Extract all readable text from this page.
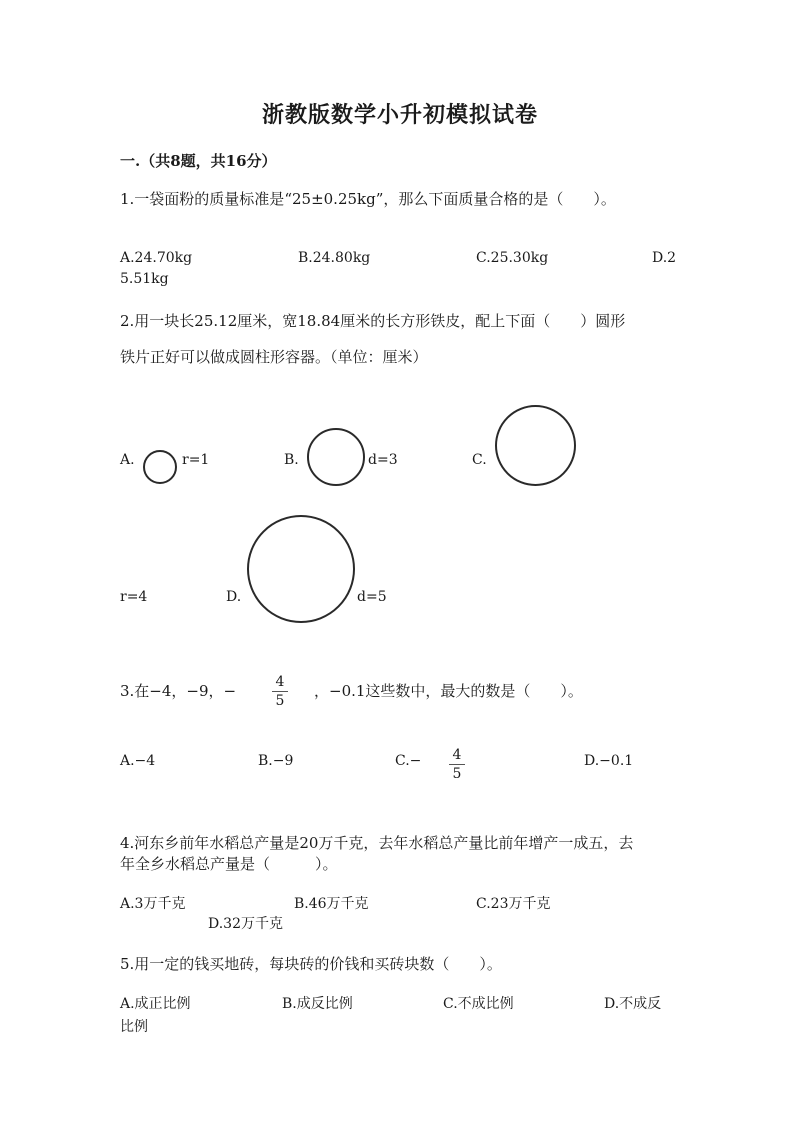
浙教版数学小升初模拟试卷
一.（共8题，共16分）
1.一袋面粉的质量标准是“25±0.25kg”，那么下面质量合格的是（　　）。
A.24.70kg	B.24.80kg	C.25.30kg	D.2
5.51kg
2.用一块长25.12厘米，宽18.84厘米的长方形铁皮，配上下面（　　）圆形
铁片正好可以做成圆柱形容器。（单位：厘米）
A.	r=1	B.	d=3	C.
r=4	D.	d=5
3.在−4，−9，−	4
5
，−0.1这些数中，最大的数是（　　）。
A.−4	B.−9	C.− 4
5
D.−0.1
4.河东乡前年水稻总产量是20万千克，去年水稻总产量比前年增产一成五，去
年全乡水稻总产量是（　　　）。
A.3万千克	B.46万千克	C.23万千克
D.32万千克
5.用一定的钱买地砖，每块砖的价钱和买砖块数（　　）。
A.成正比例	B.成反比例	C.不成比例	D.不成反
比例
